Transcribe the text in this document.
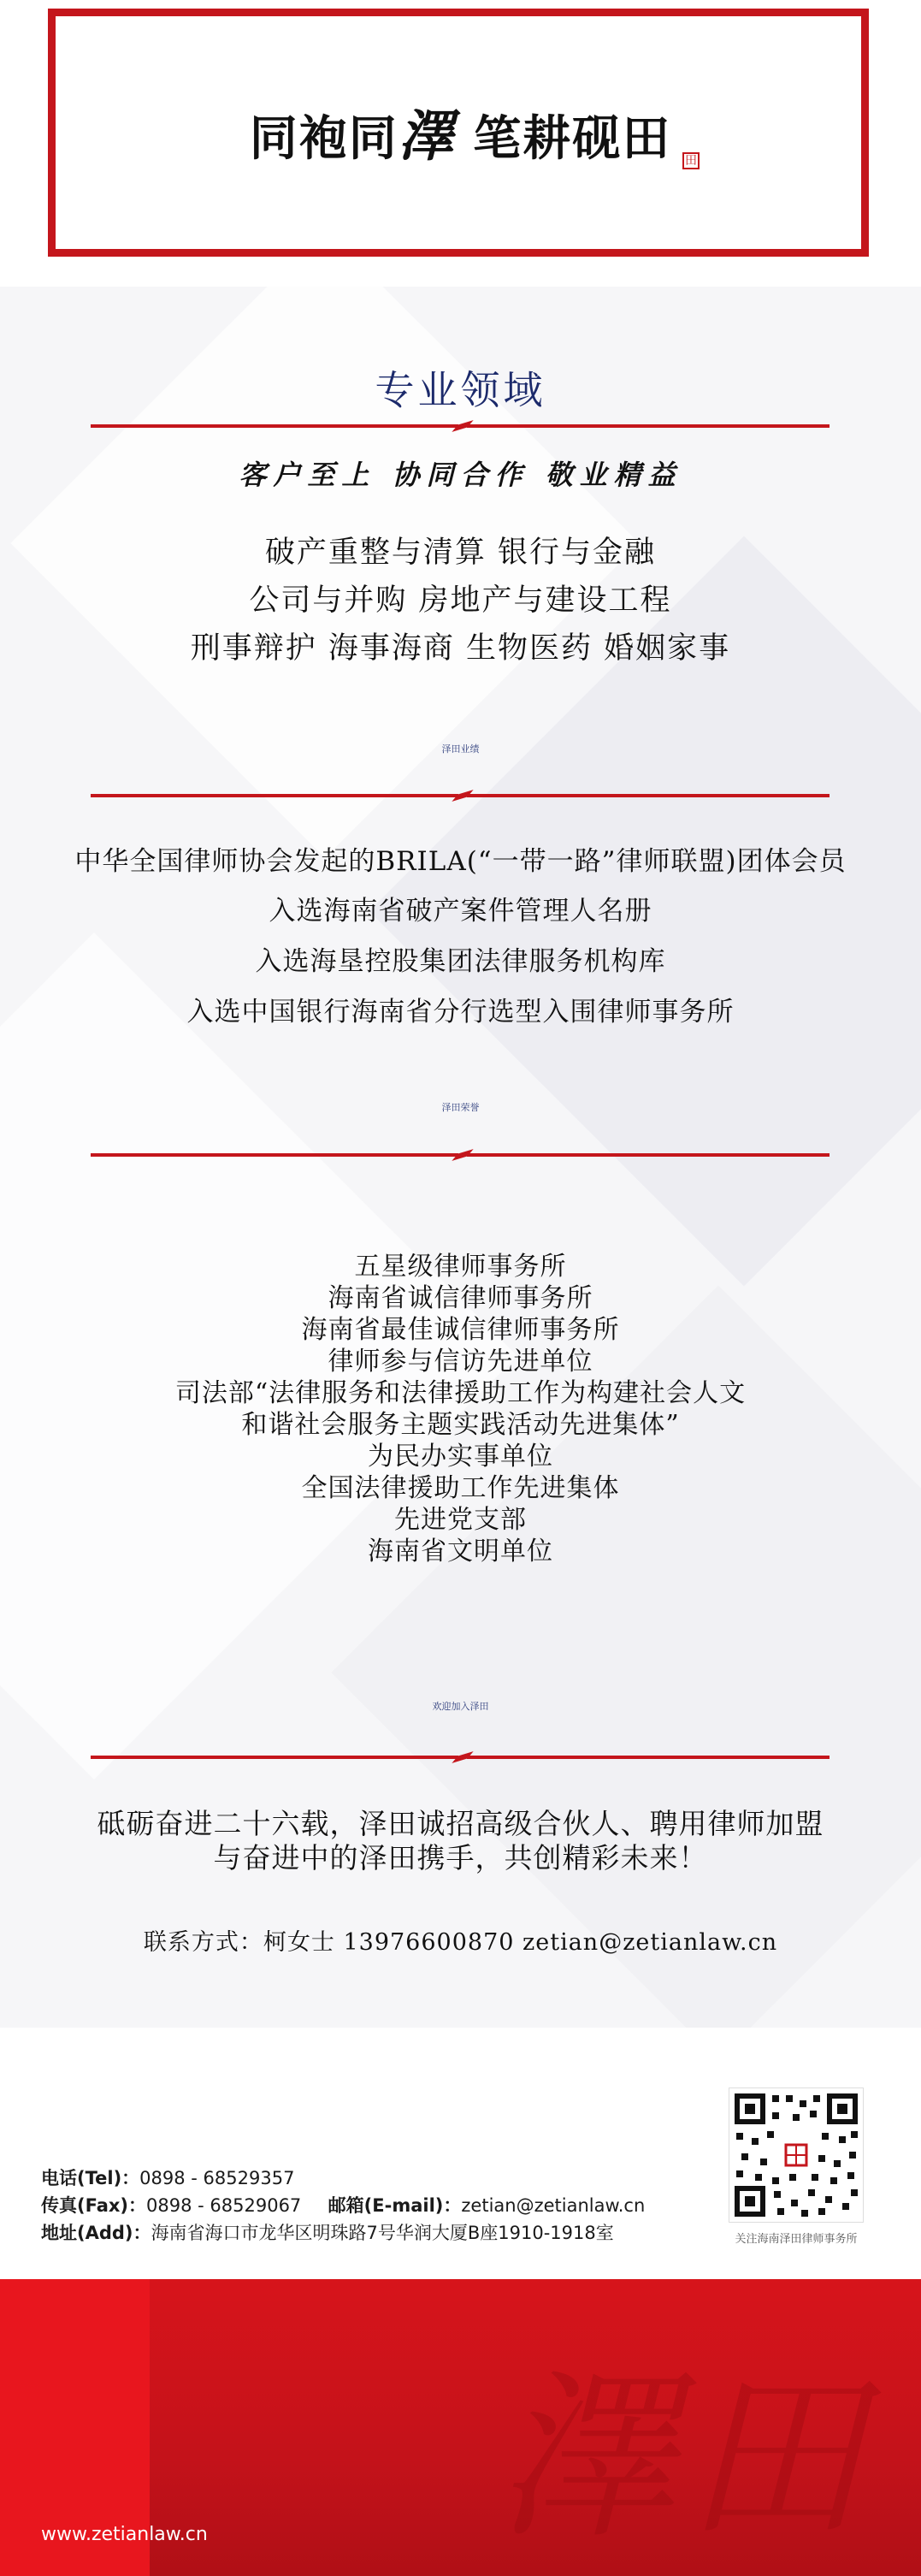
同袍同澤 笔耕砚田	田
专业领域
客户至上 协同合作 敬业精益
破产重整与清算 银行与金融
公司与并购 房地产与建设工程
刑事辩护 海事海商 生物医药 婚姻家事
泽田业绩
中华全国律师协会发起的BRILA(“一带一路”律师联盟)团体会员
入选海南省破产案件管理人名册
入选海垦控股集团法律服务机构库
入选中国银行海南省分行选型入围律师事务所
泽田荣誉
五星级律师事务所
海南省诚信律师事务所
海南省最佳诚信律师事务所
律师参与信访先进单位
司法部“法律服务和法律援助工作为构建社会人文
和谐社会服务主题实践活动先进集体”
为民办实事单位
全国法律援助工作先进集体
先进党支部
海南省文明单位
欢迎加入泽田
砥砺奋进二十六载，泽田诚招高级合伙人、聘用律师加盟
与奋进中的泽田携手，共创精彩未来！
联系方式：柯女士 13976600870 zetian@zetianlaw.cn
电话(Tel)：0898 - 68529357
传真(Fax)：0898 - 68529067 邮箱(E-mail)：zetian@zetianlaw.cn
地址(Add)：海南省海口市龙华区明珠路7号华润大厦B座1910-1918室	关注海南泽田律师事务所
澤田
www.zetianlaw.cn
